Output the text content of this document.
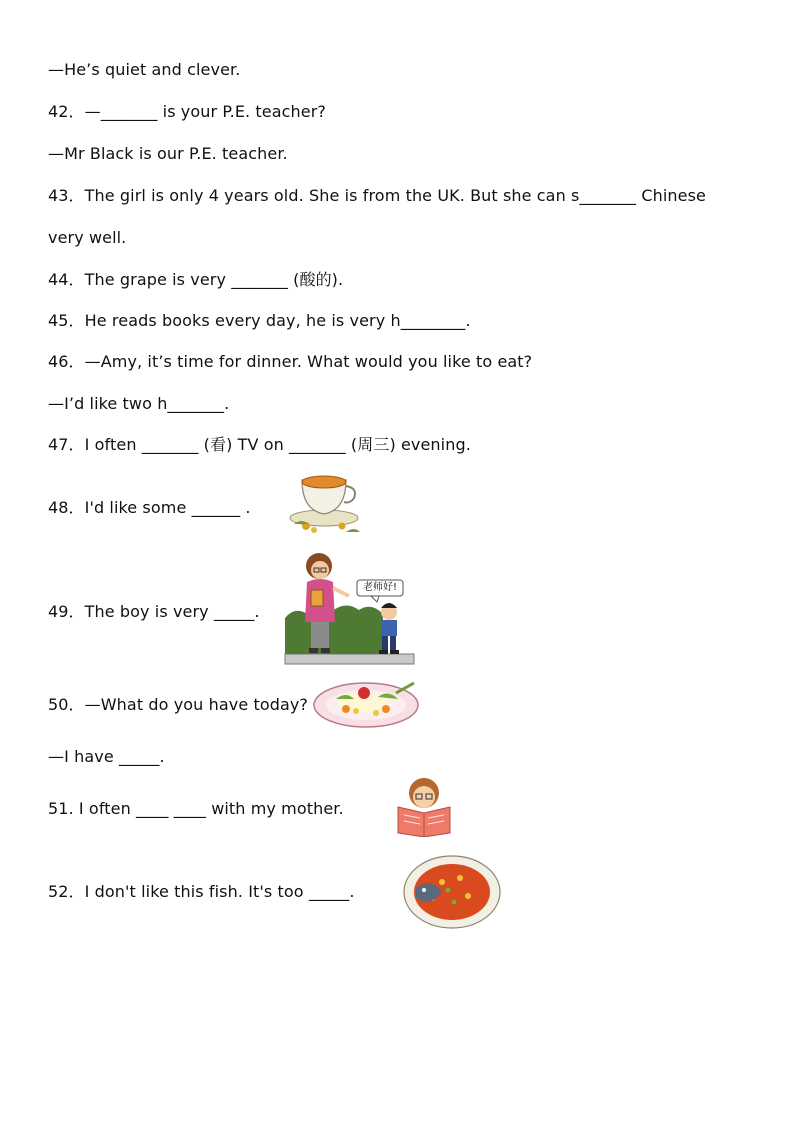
—He’s quiet and clever.
42．—_______ is your P.E. teacher?
—Mr Black is our P.E. teacher.
43．The girl is only 4 years old. She is from the UK. But she can s_______ Chinese
very well.
44．The grape is very _______ (酸的).
45．He reads books every day, he is very h________.
46．—Amy, it’s time for dinner. What would you like to eat?
—I’d like two h_______.
47．I often _______ (看) TV on _______ (周三) evening.
48．I'd like some ______ .
49．The boy is very _____.
50．—What do you have today?
—I have _____.
51. I often ____ ____ with my mother.
52．I don't like this fish. It's too _____.
老师好!
